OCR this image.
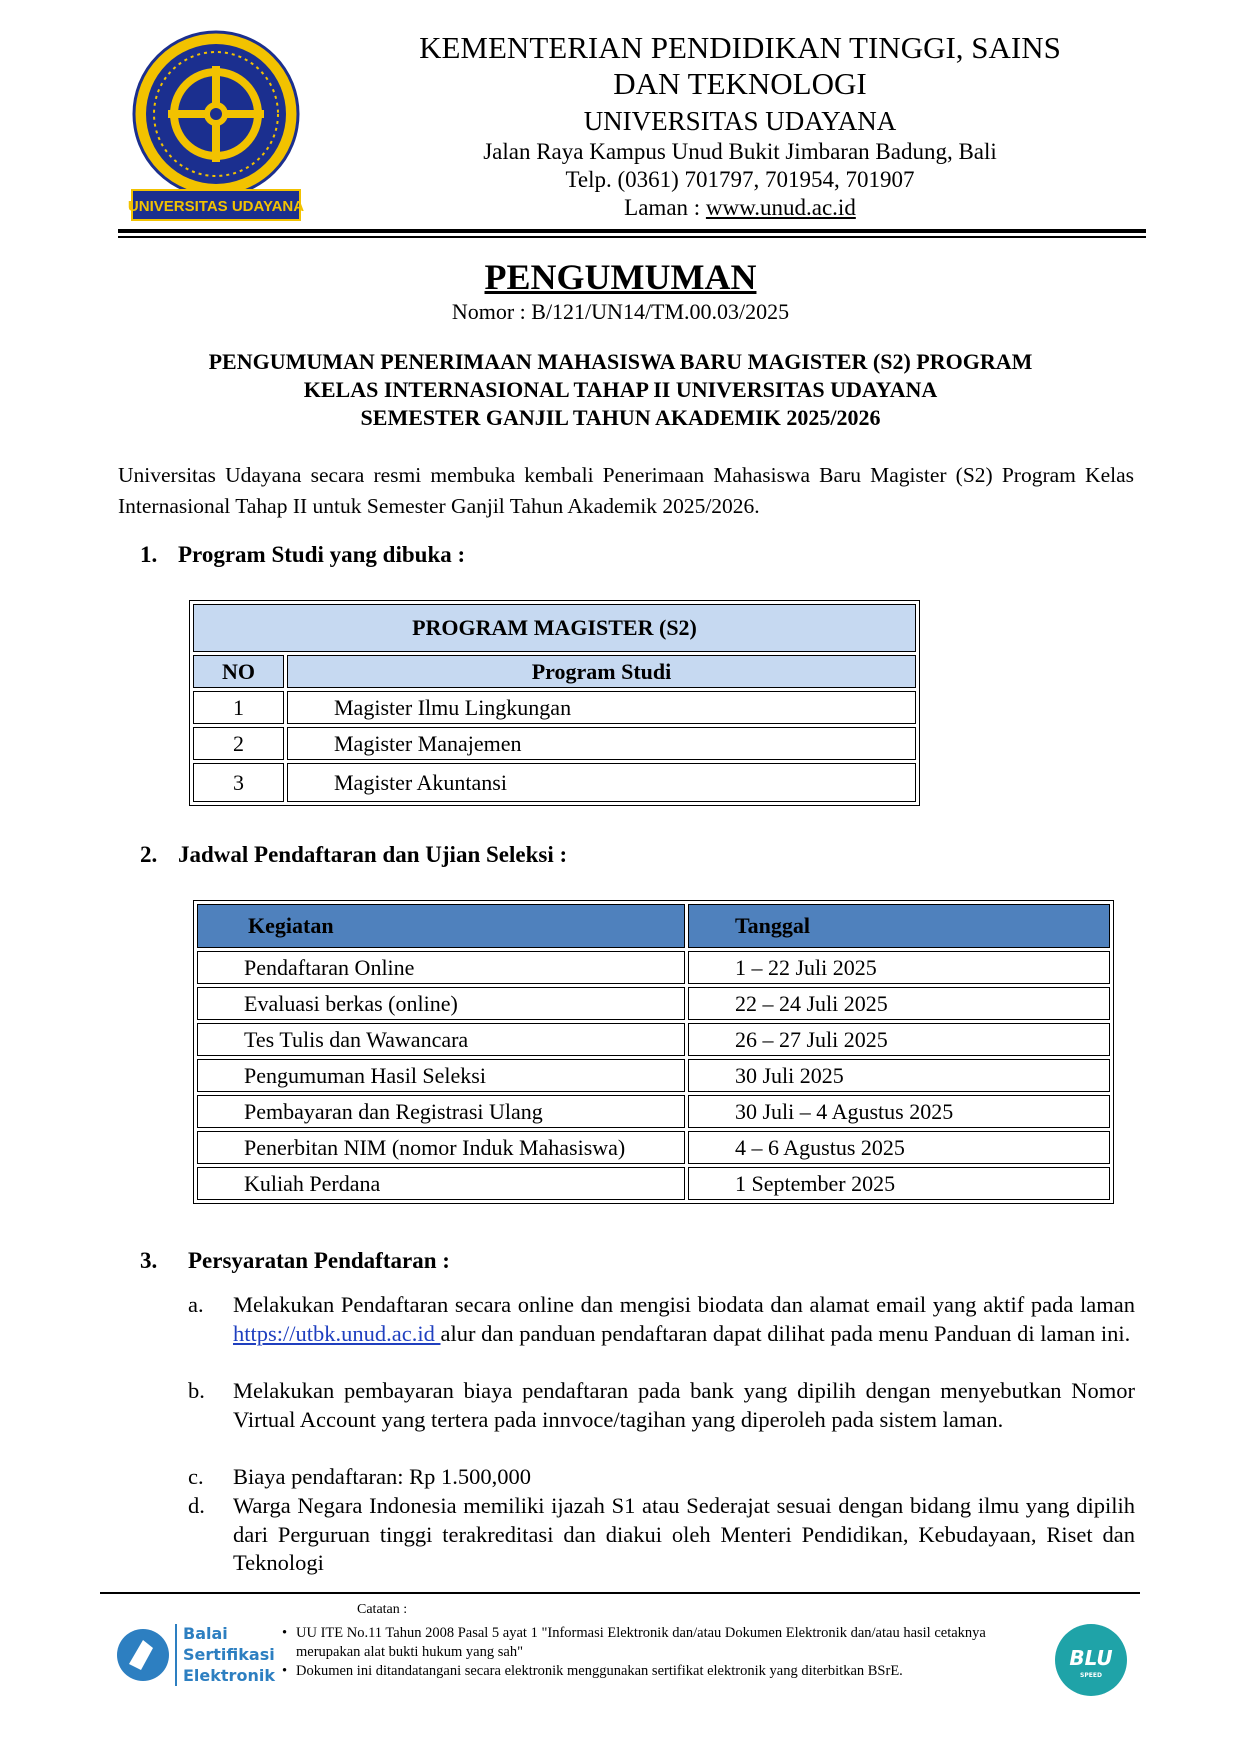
UNIVERSITAS UDAYANA
KEMENTERIAN PENDIDIKAN TINGGI, SAINS
DAN TEKNOLOGI
UNIVERSITAS UDAYANA
Jalan Raya Kampus Unud Bukit Jimbaran Badung, Bali
Telp. (0361) 701797, 701954, 701907
Laman : www.unud.ac.id
PENGUMUMAN
Nomor : B/121/UN14/TM.00.03/2025
PENGUMUMAN PENERIMAAN MAHASISWA BARU MAGISTER (S2) PROGRAM
KELAS INTERNASIONAL TAHAP II UNIVERSITAS UDAYANA
SEMESTER GANJIL TAHUN AKADEMIK 2025/2026
Universitas Udayana secara resmi membuka kembali Penerimaan Mahasiswa Baru Magister (S2) Program Kelas Internasional Tahap II untuk Semester Ganjil Tahun Akademik 2025/2026.
1. Program Studi yang dibuka :
PROGRAM MAGISTER (S2)	
NO	Program Studi
1	Magister Ilmu Lingkungan
2	Magister Manajemen
3	Magister Akuntansi
2. Jadwal Pendaftaran dan Ujian Seleksi :
Kegiatan	Tanggal
Pendaftaran Online	1 – 22 Juli 2025
Evaluasi berkas (online)	22 – 24 Juli 2025
Tes Tulis dan Wawancara	26 – 27 Juli 2025
Pengumuman Hasil Seleksi	30 Juli 2025
Pembayaran dan Registrasi Ulang	30 Juli – 4 Agustus 2025
Penerbitan NIM (nomor Induk Mahasiswa)	4 – 6 Agustus 2025
Kuliah Perdana	1 September 2025
3. Persyaratan Pendaftaran :
a. Melakukan Pendaftaran secara online dan mengisi biodata dan alamat email yang aktif pada laman https://utbk.unud.ac.id alur dan panduan pendaftaran dapat dilihat pada menu Panduan di laman ini.
b. Melakukan pembayaran biaya pendaftaran pada bank yang dipilih dengan menyebutkan Nomor Virtual Account yang tertera pada innvoce/tagihan yang diperoleh pada sistem laman.
c. Biaya pendaftaran: Rp 1.500,000
d. Warga Negara Indonesia memiliki ijazah S1 atau Sederajat sesuai dengan bidang ilmu yang dipilih dari Perguruan tinggi terakreditasi dan diakui oleh Menteri Pendidikan, Kebudayaan, Riset dan Teknologi
Catatan :
• UU ITE No.11 Tahun 2008 Pasal 5 ayat 1 "Informasi Elektronik dan/atau Dokumen Elektronik dan/atau hasil cetaknya merupakan alat bukti hukum yang sah"
• Dokumen ini ditandatangani secara elektronik menggunakan sertifikat elektronik yang diterbitkan BSrE.
Balai
Sertifikasi
Elektronik
BLU
SPEED
